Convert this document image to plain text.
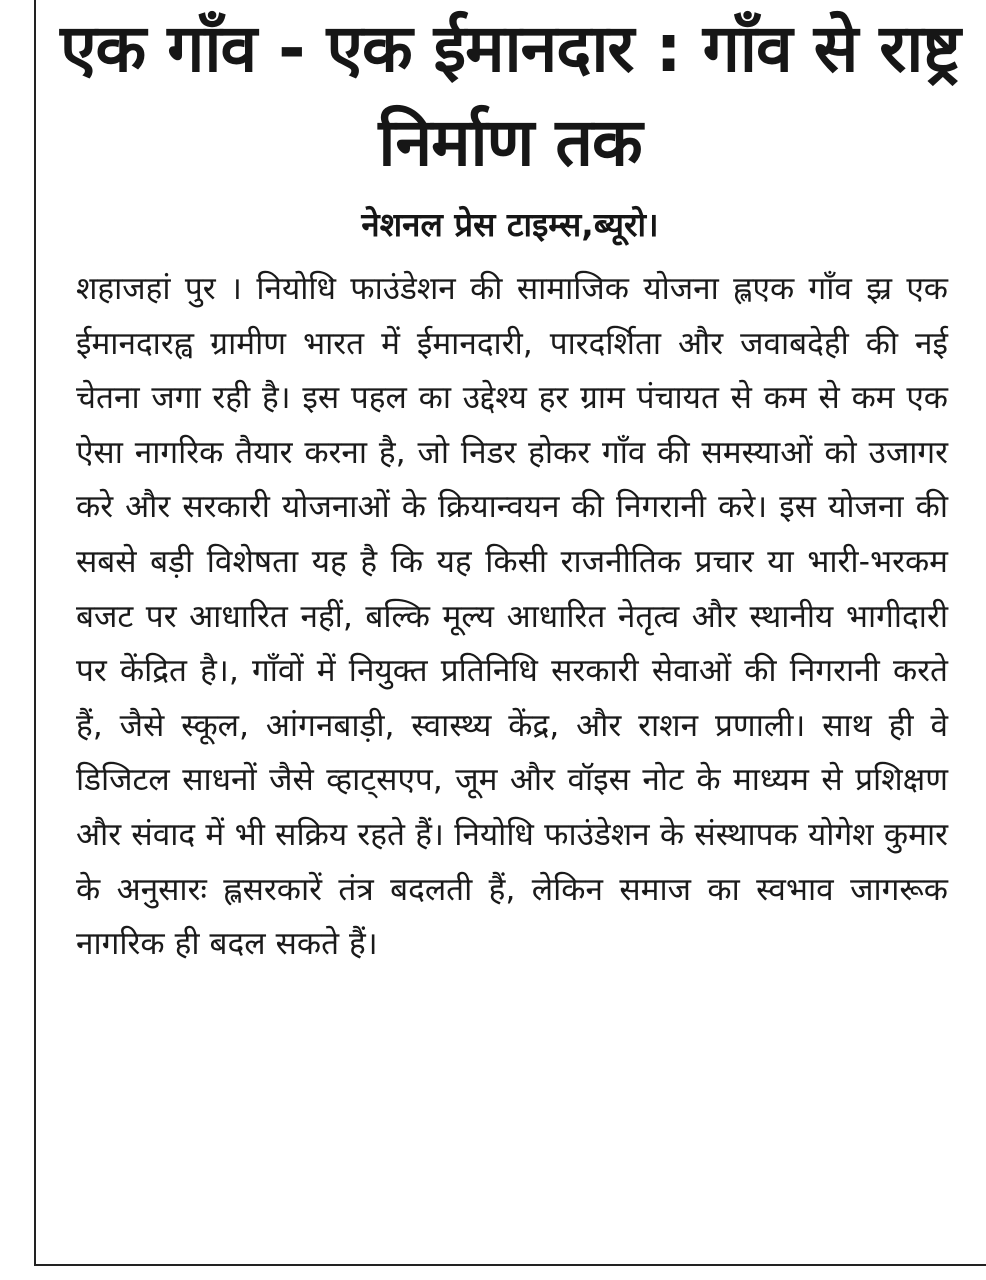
एक गाँव - एक ईमानदार : गाँव से राष्ट्र निर्माण तक
नेशनल प्रेस टाइम्स,ब्यूरो।

शहाजहां पुर । नियोधि फाउंडेशन की सामाजिक योजना ह्लएक गाँव झ्र एक ईमानदारह्व ग्रामीण भारत में ईमानदारी, पारदर्शिता और जवाबदेही की नई चेतना जगा रही है। इस पहल का उद्देश्य हर ग्राम पंचायत से कम से कम एक ऐसा नागरिक तैयार करना है, जो निडर होकर गाँव की समस्याओं को उजागर करे और सरकारी योजनाओं के क्रियान्वयन की निगरानी करे। इस योजना की सबसे बड़ी विशेषता यह है कि यह किसी राजनीतिक प्रचार या भारी-भरकम बजट पर आधारित नहीं, बल्कि मूल्य आधारित नेतृत्व और स्थानीय भागीदारी पर केंद्रित है।, गाँवों में नियुक्त प्रतिनिधि सरकारी सेवाओं की निगरानी करते हैं, जैसे स्कूल, आंगनबाड़ी, स्वास्थ्य केंद्र, और राशन प्रणाली। साथ ही वे डिजिटल साधनों जैसे व्हाट्सएप, जूम और वॉइस नोट के माध्यम से प्रशिक्षण और संवाद में भी सक्रिय रहते हैं। नियोधि फाउंडेशन के संस्थापक योगेश कुमार के अनुसारः ह्लसरकारें तंत्र बदलती हैं, लेकिन समाज का स्वभाव जागरूक नागरिक ही बदल सकते हैं।
